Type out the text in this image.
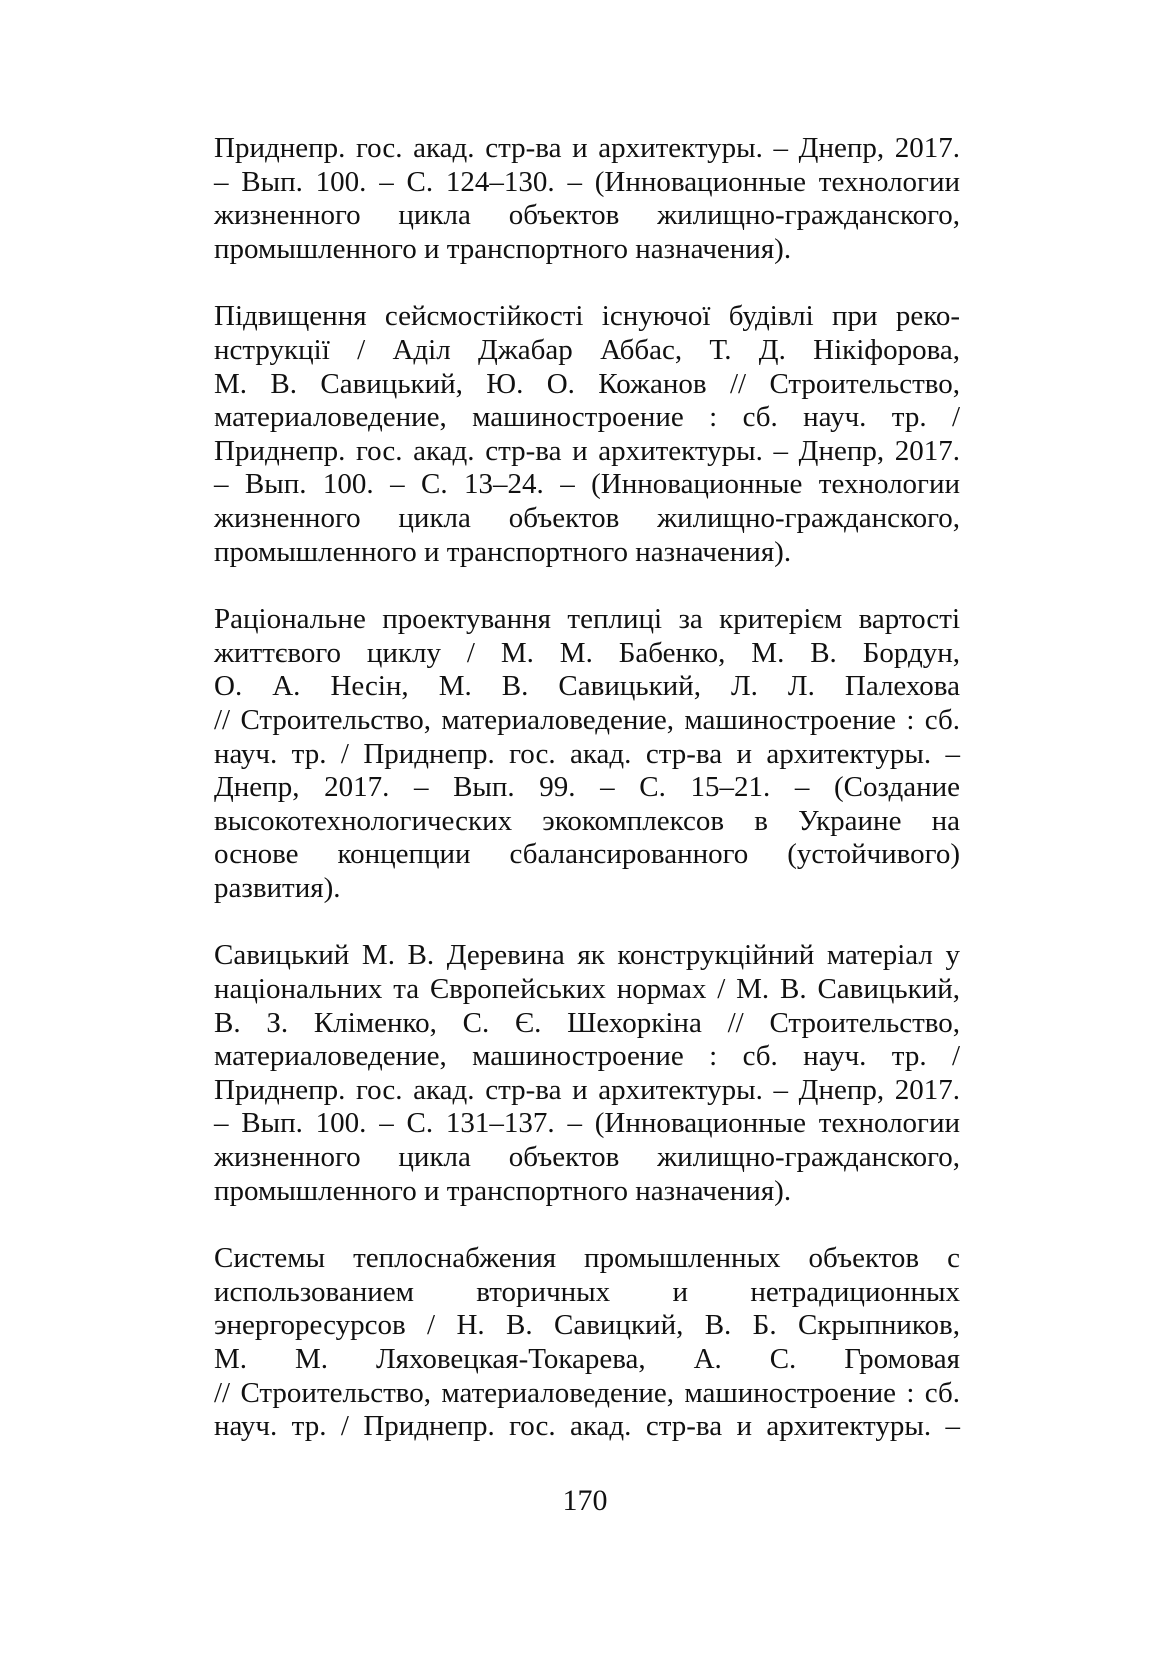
Приднепр. гос. акад. стр-ва и архитектуры. – Днепр, 2017.
– Вып. 100. – С. 124–130. – (Инновационные технологии
жизненного цикла объектов жилищно-гражданского,
промышленного и транспортного назначения).
Підвищення сейсмостійкості існуючої будівлі при реко-
нструкції / Аділ Джабар Аббас, Т. Д. Нікіфорова,
М. В. Савицький, Ю. О. Кожанов // Строительство,
материаловедение, машиностроение : сб. науч. тр. /
Приднепр. гос. акад. стр-ва и архитектуры. – Днепр, 2017.
– Вып. 100. – С. 13–24. – (Инновационные технологии
жизненного цикла объектов жилищно-гражданского,
промышленного и транспортного назначения).
Раціональне проектування теплиці за критерієм вартості
життєвого циклу / М. М. Бабенко, М. В. Бордун,
О. А. Несін, М. В. Савицький, Л. Л. Палехова
// Строительство, материаловедение, машиностроение : сб.
науч. тр. / Приднепр. гос. акад. стр-ва и архитектуры. –
Днепр, 2017. – Вып. 99. – С. 15–21. – (Создание
высокотехнологических экокомплексов в Украине на
основе концепции сбалансированного (устойчивого)
развития).
Савицький М. В. Деревина як конструкційний матеріал у
національних та Європейських нормах / М. В. Савицький,
В. З. Кліменко, С. Є. Шехоркіна // Строительство,
материаловедение, машиностроение : сб. науч. тр. /
Приднепр. гос. акад. стр-ва и архитектуры. – Днепр, 2017.
– Вып. 100. – С. 131–137. – (Инновационные технологии
жизненного цикла объектов жилищно-гражданского,
промышленного и транспортного назначения).
Системы теплоснабжения промышленных объектов с
использованием вторичных и нетрадиционных
энергоресурсов / Н. В. Савицкий, В. Б. Скрыпников,
М. М. Ляховецкая-Токарева, А. С. Громовая
// Строительство, материаловедение, машиностроение : сб.
науч. тр. / Приднепр. гос. акад. стр-ва и архитектуры. –
170
